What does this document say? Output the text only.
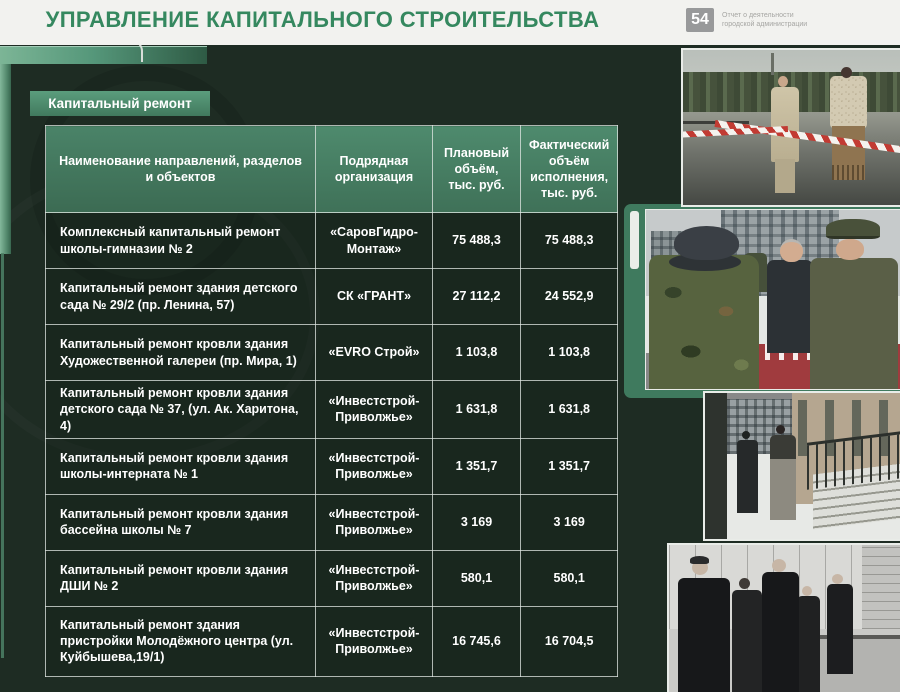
УПРАВЛЕНИЕ КАПИТАЛЬНОГО СТРОИТЕЛЬСТВА	54	Отчет о деятельности
городской администрации
Капитальный ремонт
Наименование направлений, разделов и объектов	Подрядная организация	Плановый объём, тыс. руб.	Фактический объём исполнения, тыс. руб.
Комплексный капитальный ремонт школы-гимназии № 2	«СаровГидро-Монтаж»	75 488,3	75 488,3
Капитальный ремонт здания детского сада № 29/2 (пр. Ленина, 57)	СК «ГРАНТ»	27 112,2	24 552,9
Капитальный ремонт кровли здания Художественной галереи (пр. Мира, 1)	«EVRO Строй»	1 103,8	1 103,8
Капитальный ремонт кровли здания детского сада № 37, (ул. Ак. Харитона, 4)	«Инвестстрой-Приволжье»	1 631,8	1 631,8
Капитальный ремонт кровли здания школы-интерната № 1	«Инвестстрой-Приволжье»	1 351,7	1 351,7
Капитальный ремонт кровли здания бассейна школы № 7	«Инвестстрой-Приволжье»	3 169	3 169
Капитальный ремонт кровли здания ДШИ № 2	«Инвестстрой-Приволжье»	580,1	580,1
Капитальный ремонт здания пристройки Молодёжного центра (ул. Куйбышева,19/1)	«Инвестстрой-Приволжье»	16 745,6	16 704,5
